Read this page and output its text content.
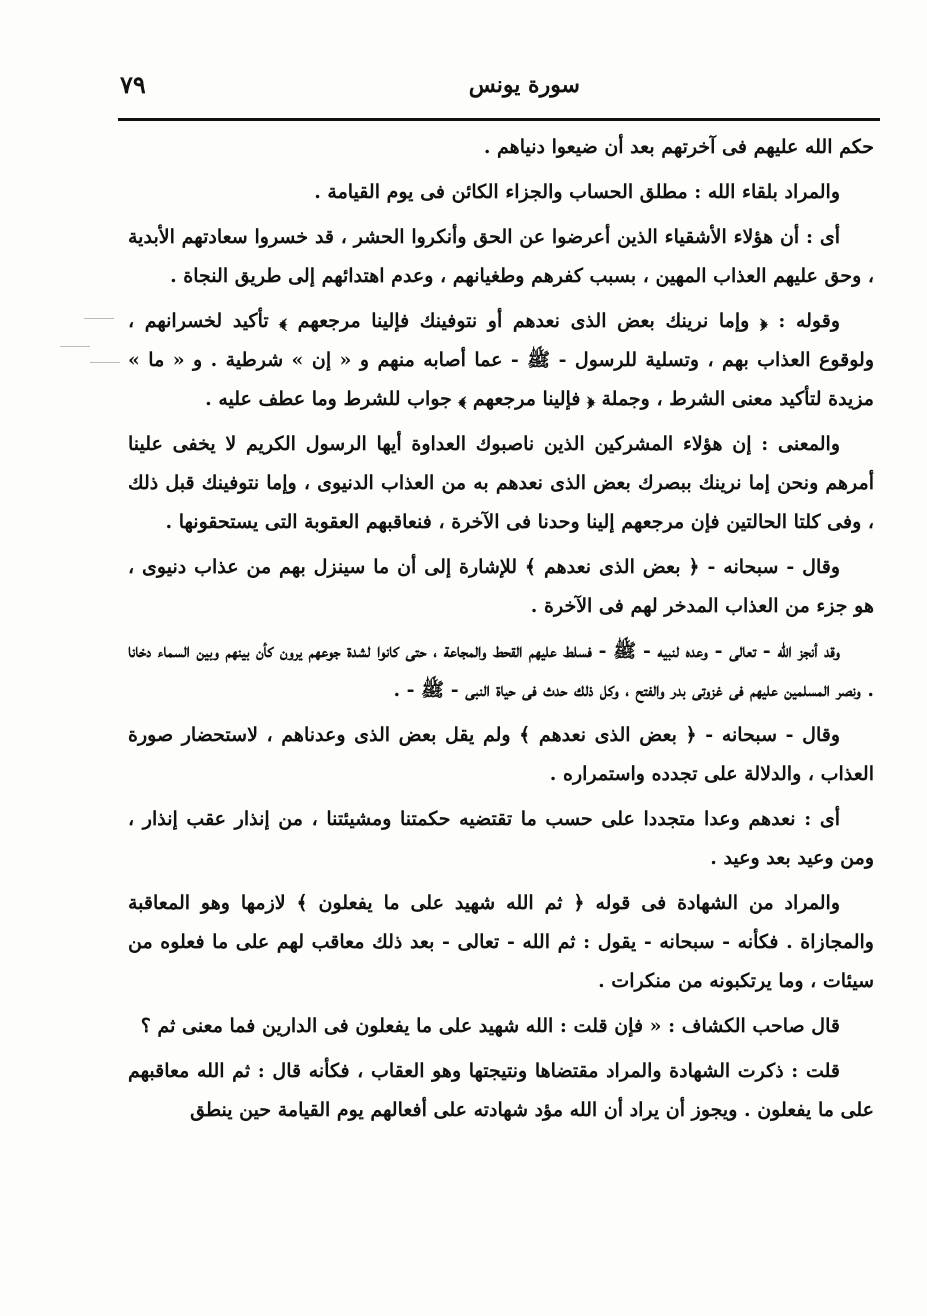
سورة يونس
٧٩

حكم الله عليهم فى آخرتهم بعد أن ضيعوا دنياهم .

والمراد بلقاء الله : مطلق الحساب والجزاء الكائن فى يوم القيامة .

أى : أن هؤلاء الأشقياء الذين أعرضوا عن الحق وأنكروا الحشر ، قد خسروا سعادتهم الأبدية ، وحق عليهم العذاب المهين ، بسبب كفرهم وطغيانهم ، وعدم اهتدائهم إلى طريق النجاة .

وقوله : ﴿ وإما نرينك بعض الذى نعدهم أو نتوفينك فإلينا مرجعهم ﴾ تأكيد لخسرانهم ، ولوقوع العذاب بهم ، وتسلية للرسول - ﷺ - عما أصابه منهم و « إن » شرطية . و « ما » مزيدة لتأكيد معنى الشرط ، وجملة ﴿ فإلينا مرجعهم ﴾ جواب للشرط وما عطف عليه .

والمعنى : إن هؤلاء المشركين الذين ناصبوك العداوة أيها الرسول الكريم لا يخفى علينا أمرهم ونحن إما نرينك ببصرك بعض الذى نعدهم به من العذاب الدنيوى ، وإما نتوفينك قبل ذلك ، وفى كلتا الحالتين فإن مرجعهم إلينا وحدنا فى الآخرة ، فنعاقبهم العقوبة التى يستحقونها .

وقال - سبحانه - ﴿ بعض الذى نعدهم ﴾ للإشارة إلى أن ما سينزل بهم من عذاب دنيوى ، هو جزء من العذاب المدخر لهم فى الآخرة .

وقد أنجز الله - تعالى - وعده لنبيه - ﷺ - فسلط عليهم القحط والمجاعة ، حتى كانوا لشدة جوعهم يرون كأن بينهم وبين السماء دخانا . ونصر المسلمين عليهم فى غزوتى بدر والفتح ، وكل ذلك حدث فى حياة النبى - ﷺ - .

وقال - سبحانه - ﴿ بعض الذى نعدهم ﴾ ولم يقل بعض الذى وعدناهم ، لاستحضار صورة العذاب ، والدلالة على تجدده واستمراره .

أى : نعدهم وعدا متجددا على حسب ما تقتضيه حكمتنا ومشيئتنا ، من إنذار عقب إنذار ، ومن وعيد بعد وعيد .

والمراد من الشهادة فى قوله ﴿ ثم الله شهيد على ما يفعلون ﴾ لازمها وهو المعاقبة والمجازاة . فكأنه - سبحانه - يقول : ثم الله - تعالى - بعد ذلك معاقب لهم على ما فعلوه من سيئات ، وما يرتكبونه من منكرات .

قال صاحب الكشاف : « فإن قلت : الله شهيد على ما يفعلون فى الدارين فما معنى ثم ؟

قلت : ذكرت الشهادة والمراد مقتضاها ونتيجتها وهو العقاب ، فكأنه قال : ثم الله معاقبهم على ما يفعلون . ويجوز أن يراد أن الله مؤد شهادته على أفعالهم يوم القيامة حين ينطق
